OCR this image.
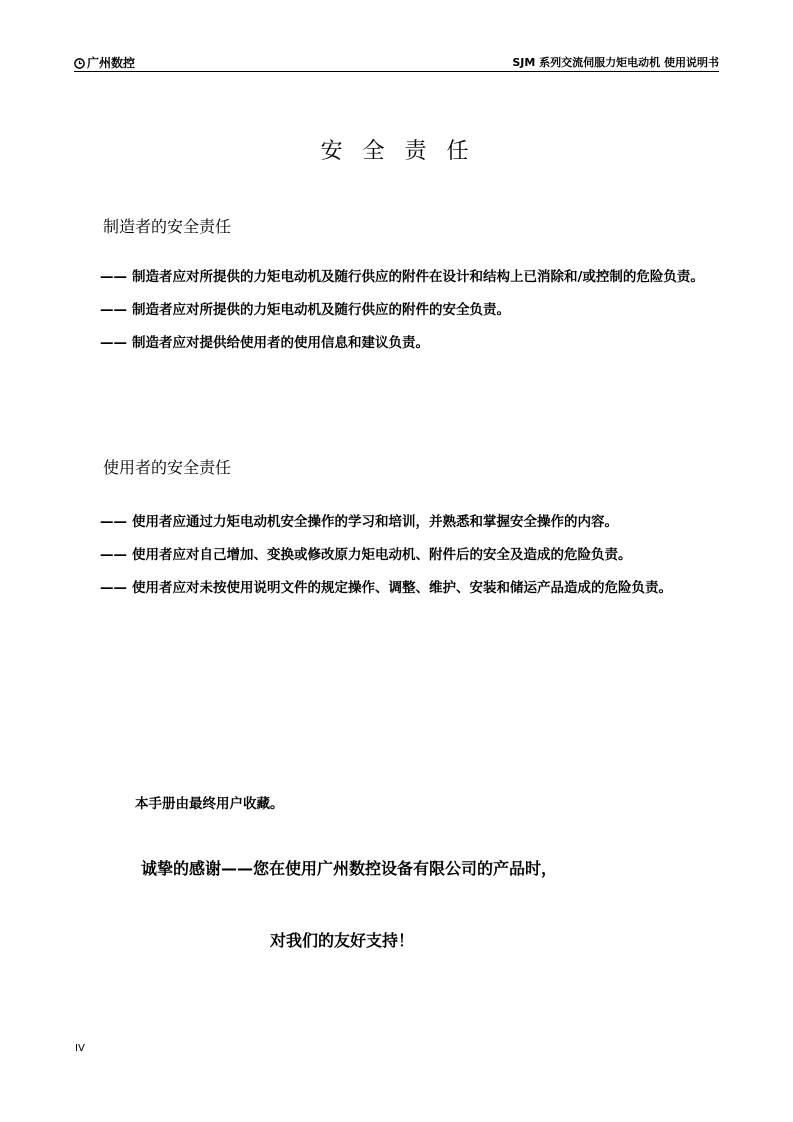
广州数控	SJM 系列交流伺服力矩电动机 使用说明书
安全责任
制造者的安全责任
—— 制造者应对所提供的力矩电动机及随行供应的附件在设计和结构上已消除和/或控制的危险负责。
—— 制造者应对所提供的力矩电动机及随行供应的附件的安全负责。
—— 制造者应对提供给使用者的使用信息和建议负责。
使用者的安全责任
—— 使用者应通过力矩电动机安全操作的学习和培训，并熟悉和掌握安全操作的内容。
—— 使用者应对自己增加、变换或修改原力矩电动机、附件后的安全及造成的危险负责。
—— 使用者应对未按使用说明文件的规定操作、调整、维护、安装和储运产品造成的危险负责。
本手册由最终用户收藏。
诚挚的感谢——您在使用广州数控设备有限公司的产品时，
对我们的友好支持！
IV
